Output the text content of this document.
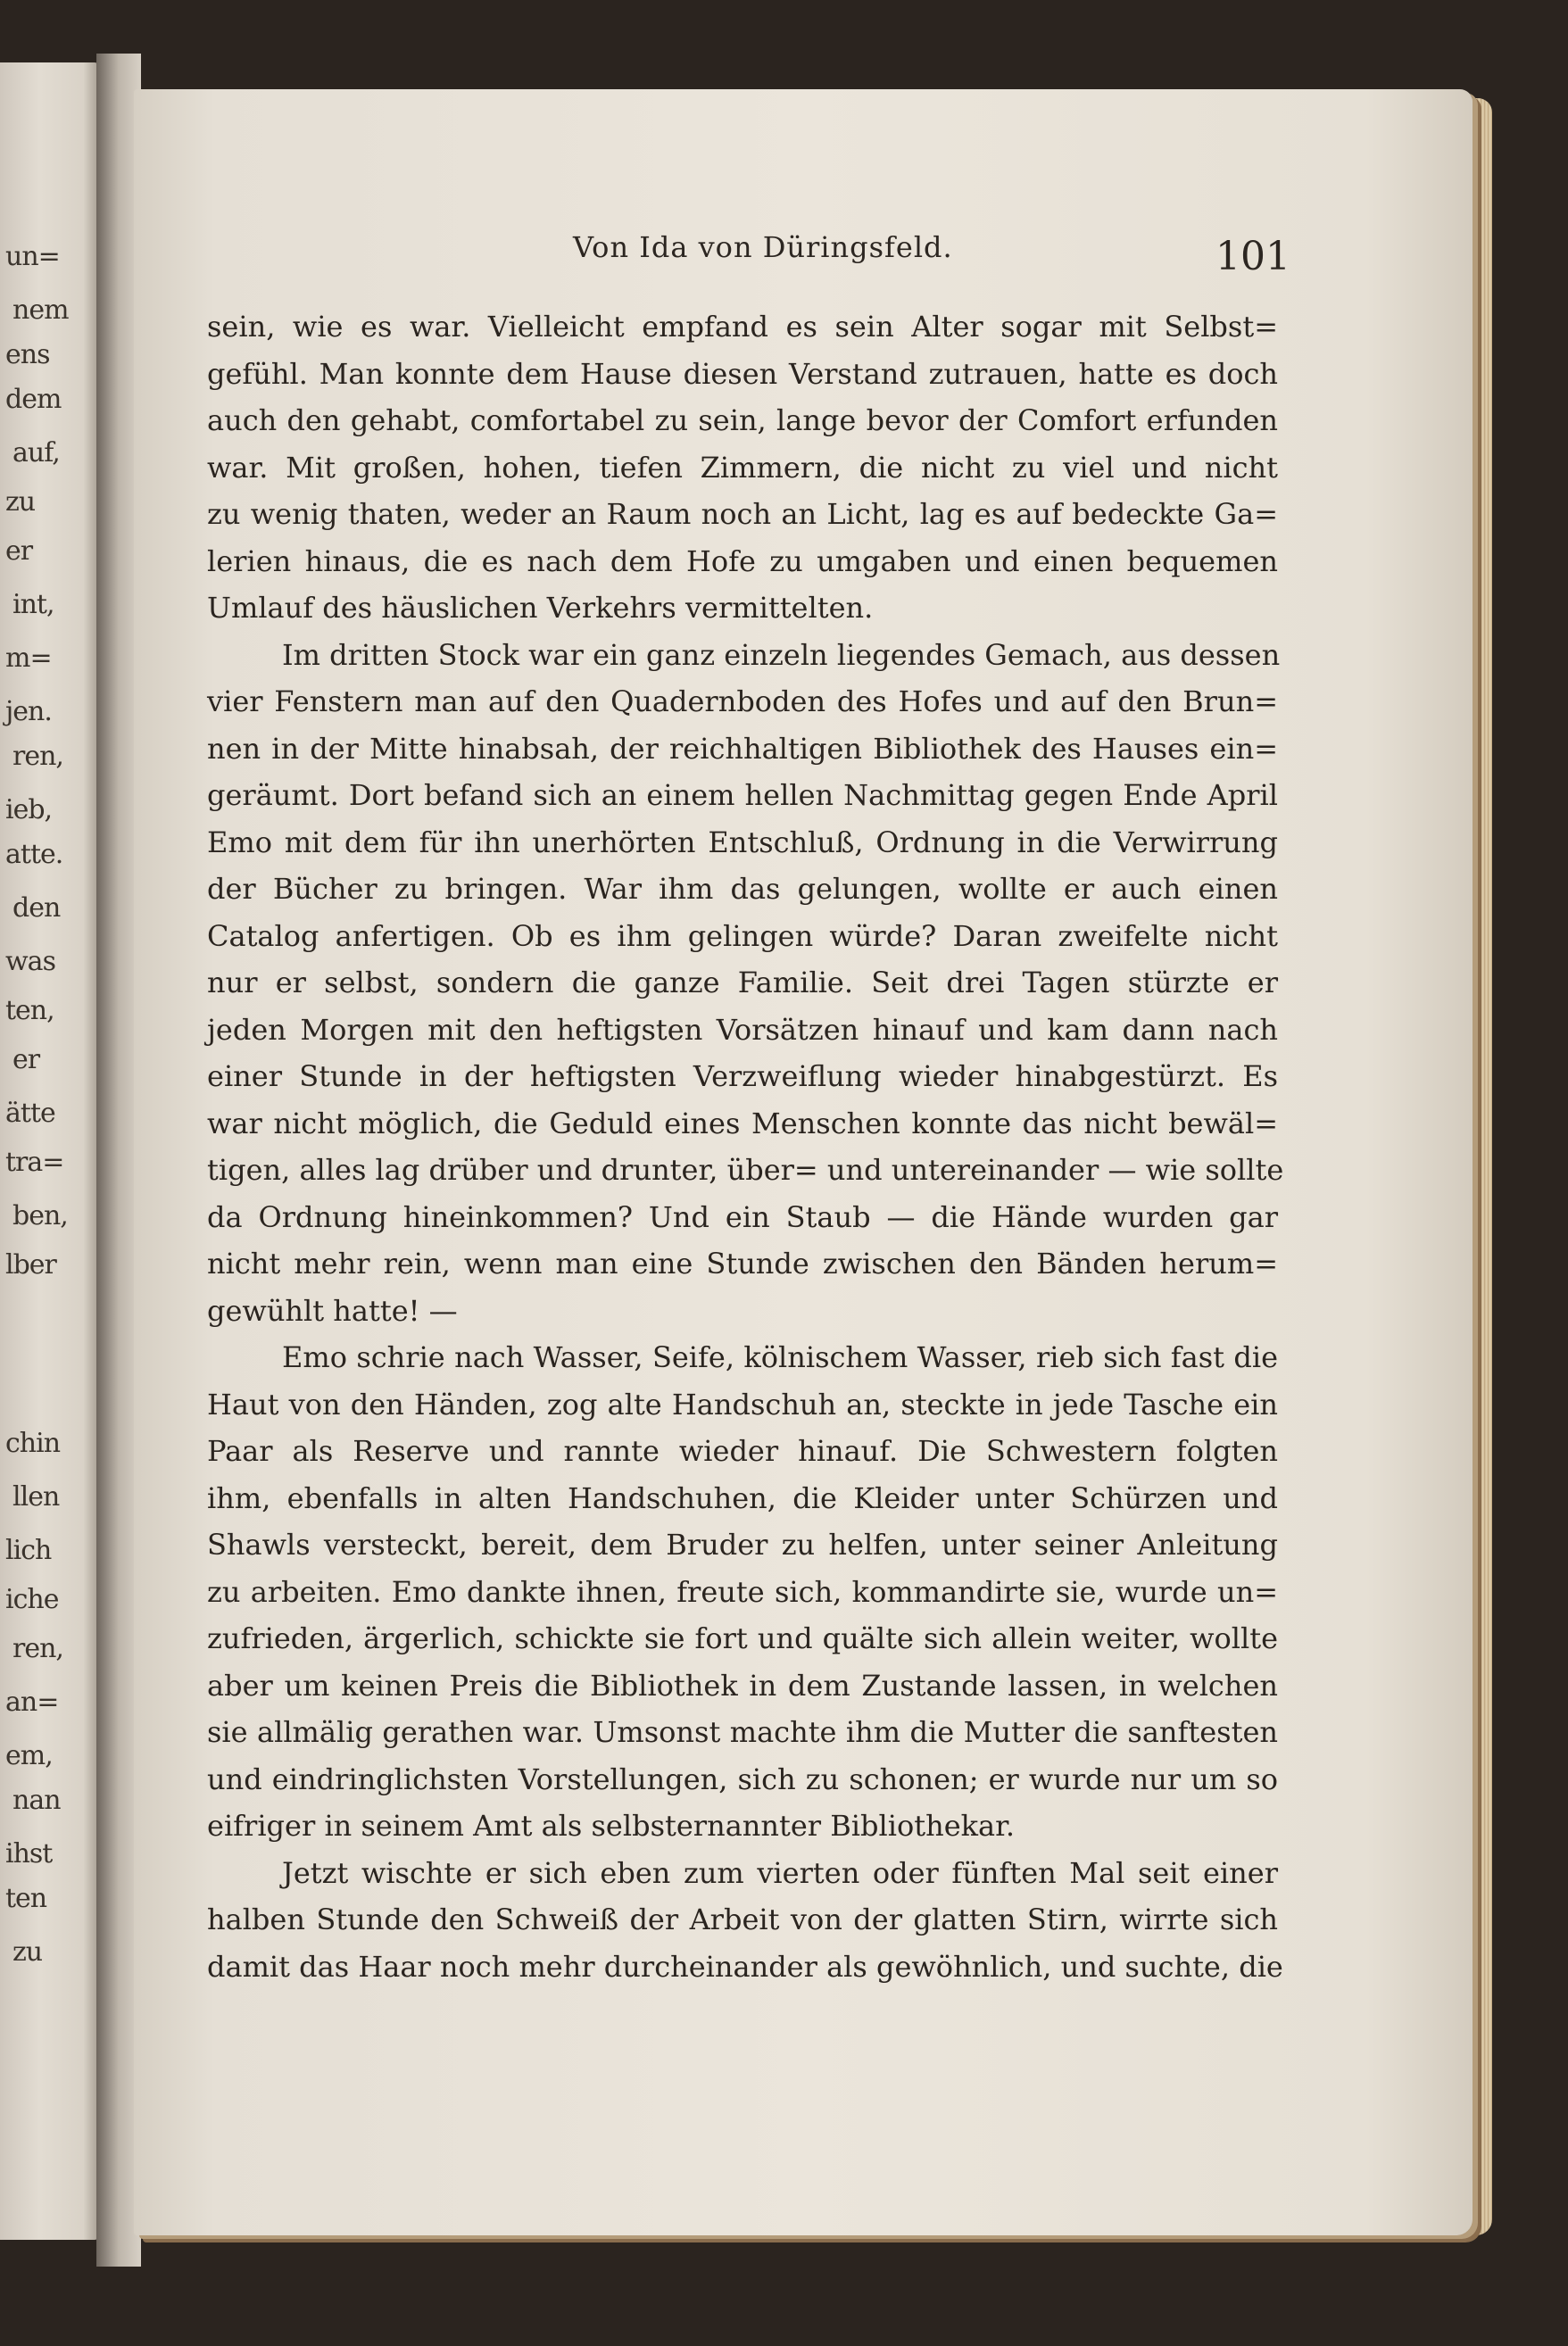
un=
nem
ens
dem
auf,
zu
er
int,
m=
jen.
ren,
ieb,
atte.
den
was
ten,
er
ätte
tra=
ben,
lber
chin
llen
lich
iche
ren,
an=
em,
nan
ihst
ten
zu
Von Ida von Düringsfeld.	101
sein, wie es war. Vielleicht empfand es sein Alter sogar mit Selbst=
gefühl. Man konnte dem Hause diesen Verstand zutrauen, hatte es doch
auch den gehabt, comfortabel zu sein, lange bevor der Comfort erfunden
war. Mit großen, hohen, tiefen Zimmern, die nicht zu viel und nicht
zu wenig thaten, weder an Raum noch an Licht, lag es auf bedeckte Ga=
lerien hinaus, die es nach dem Hofe zu umgaben und einen bequemen
Umlauf des häuslichen Verkehrs vermittelten.
Im dritten Stock war ein ganz einzeln liegendes Gemach, aus dessen
vier Fenstern man auf den Quadernboden des Hofes und auf den Brun=
nen in der Mitte hinabsah, der reichhaltigen Bibliothek des Hauses ein=
geräumt. Dort befand sich an einem hellen Nachmittag gegen Ende April
Emo mit dem für ihn unerhörten Entschluß, Ordnung in die Verwirrung
der Bücher zu bringen. War ihm das gelungen, wollte er auch einen
Catalog anfertigen. Ob es ihm gelingen würde? Daran zweifelte nicht
nur er selbst, sondern die ganze Familie. Seit drei Tagen stürzte er
jeden Morgen mit den heftigsten Vorsätzen hinauf und kam dann nach
einer Stunde in der heftigsten Verzweiflung wieder hinabgestürzt. Es
war nicht möglich, die Geduld eines Menschen konnte das nicht bewäl=
tigen, alles lag drüber und drunter, über= und untereinander — wie sollte
da Ordnung hineinkommen? Und ein Staub — die Hände wurden gar
nicht mehr rein, wenn man eine Stunde zwischen den Bänden herum=
gewühlt hatte! —
Emo schrie nach Wasser, Seife, kölnischem Wasser, rieb sich fast die
Haut von den Händen, zog alte Handschuh an, steckte in jede Tasche ein
Paar als Reserve und rannte wieder hinauf. Die Schwestern folgten
ihm, ebenfalls in alten Handschuhen, die Kleider unter Schürzen und
Shawls versteckt, bereit, dem Bruder zu helfen, unter seiner Anleitung
zu arbeiten. Emo dankte ihnen, freute sich, kommandirte sie, wurde un=
zufrieden, ärgerlich, schickte sie fort und quälte sich allein weiter, wollte
aber um keinen Preis die Bibliothek in dem Zustande lassen, in welchen
sie allmälig gerathen war. Umsonst machte ihm die Mutter die sanftesten
und eindringlichsten Vorstellungen, sich zu schonen; er wurde nur um so
eifriger in seinem Amt als selbsternannter Bibliothekar.
Jetzt wischte er sich eben zum vierten oder fünften Mal seit einer
halben Stunde den Schweiß der Arbeit von der glatten Stirn, wirrte sich
damit das Haar noch mehr durcheinander als gewöhnlich, und suchte, die
